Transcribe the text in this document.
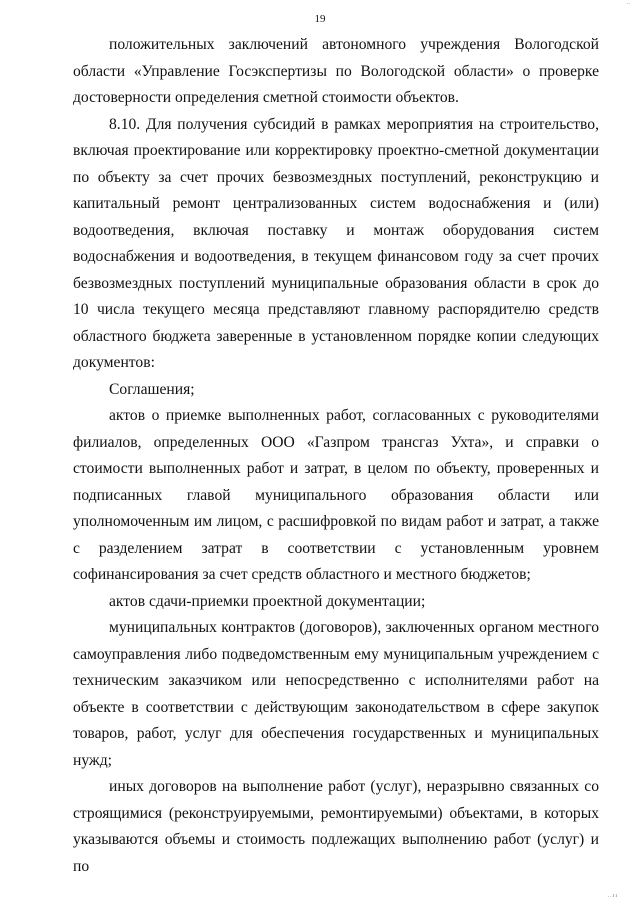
..
19

положительных заключений автономного учреждения Вологодской области «Управление Госэкспертизы по Вологодской области» о проверке достоверности определения сметной стоимости объектов.

8.10. Для получения субсидий в рамках мероприятия на строительство, включая проектирование или корректировку проектно-сметной документации по объекту за счет прочих безвозмездных поступлений, реконструкцию и капитальный ремонт централизованных систем водоснабжения и (или) водоотведения, включая поставку и монтаж оборудования систем водоснабжения и водоотведения, в текущем финансовом году за счет прочих безвозмездных поступлений муниципальные образования области в срок до 10 числа текущего месяца представляют главному распорядителю средств областного бюджета заверенные в установленном порядке копии следующих документов:

Соглашения;

актов о приемке выполненных работ, согласованных с руководителями филиалов, определенных ООО «Газпром трансгаз Ухта», и справки о стоимости выполненных работ и затрат, в целом по объекту, проверенных и подписанных главой муниципального образования области или уполномоченным им лицом, с расшифровкой по видам работ и затрат, а также с разделением затрат в соответствии с установленным уровнем софинансирования за счет средств областного и местного бюджетов;

актов сдачи-приемки проектной документации;

муниципальных контрактов (договоров), заключенных органом местного самоуправления либо подведомственным ему муниципальным учреждением с техническим заказчиком или непосредственно с исполнителями работ на объекте в соответствии с действующим законодательством в сфере закупок товаров, работ, услуг для обеспечения государственных и муниципальных нужд;

иных договоров на выполнение работ (услуг), неразрывно связанных со строящимися (реконструируемыми, ремонтируемыми) объектами, в которых указываются объемы и стоимость подлежащих выполнению работ (услуг) и по

..ıı
